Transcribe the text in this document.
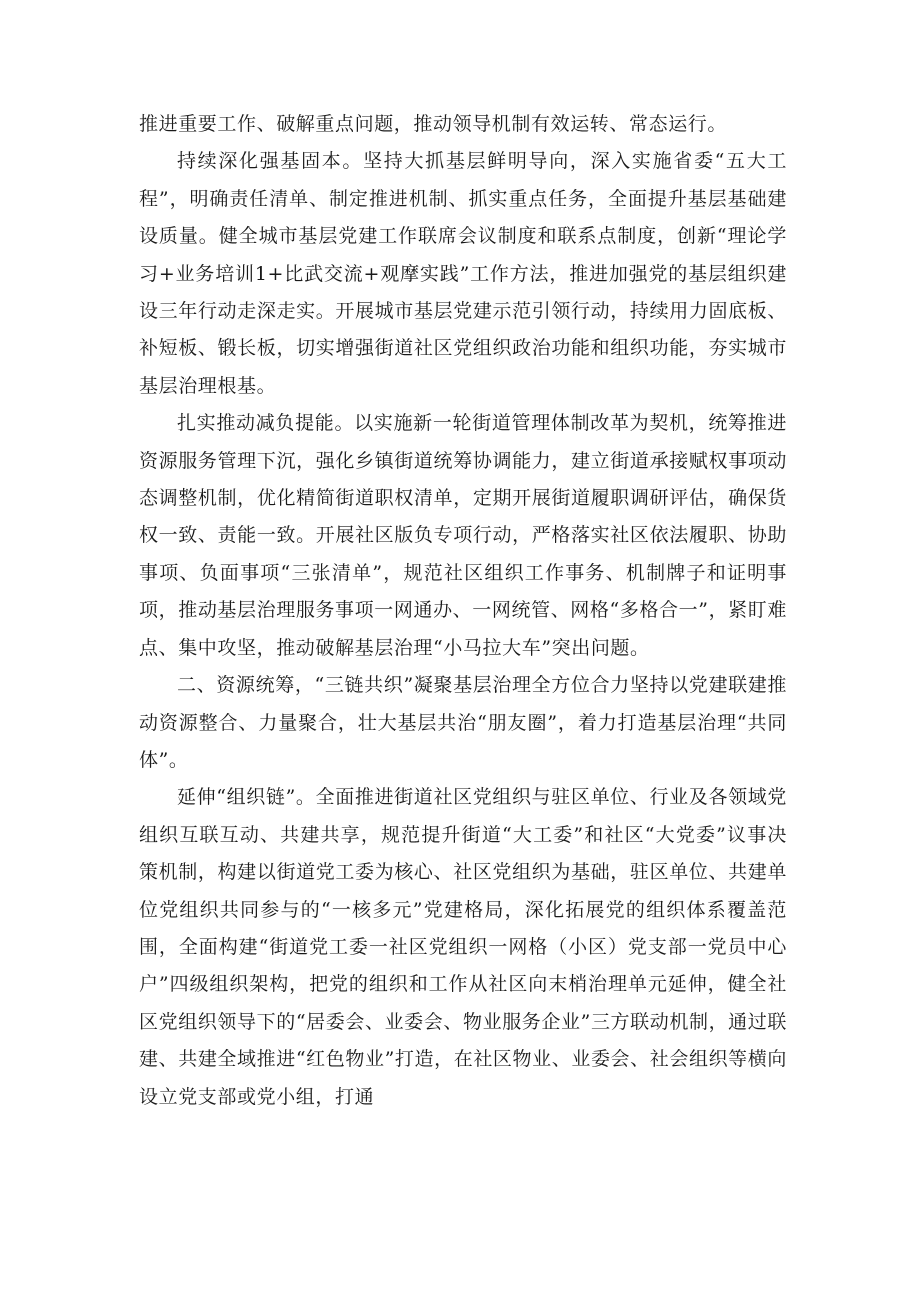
推进重要工作、破解重点问题，推动领导机制有效运转、常态运行。

持续深化强基固本。坚持大抓基层鲜明导向，深入实施省委“五大工程”，明确责任清单、制定推进机制、抓实重点任务，全面提升基层基础建设质量。健全城市基层党建工作联席会议制度和联系点制度，创新“理论学习+业务培训1+比武交流+观摩实践”工作方法，推进加强党的基层组织建设三年行动走深走实。开展城市基层党建示范引领行动，持续用力固底板、补短板、锻长板，切实增强街道社区党组织政治功能和组织功能，夯实城市基层治理根基。

扎实推动减负提能。以实施新一轮街道管理体制改革为契机，统筹推进资源服务管理下沉，强化乡镇街道统筹协调能力，建立街道承接赋权事项动态调整机制，优化精简街道职权清单，定期开展街道履职调研评估，确保货权一致、责能一致。开展社区版负专项行动，严格落实社区依法履职、协助事项、负面事项“三张清单”，规范社区组织工作事务、机制牌子和证明事项，推动基层治理服务事项一网通办、一网统管、网格“多格合一”，紧盯难点、集中攻坚，推动破解基层治理“小马拉大车”突出问题。

二、资源统筹，“三链共织”凝聚基层治理全方位合力坚持以党建联建推动资源整合、力量聚合，壮大基层共治“朋友圈”，着力打造基层治理“共同体”。

延伸“组织链”。全面推进街道社区党组织与驻区单位、行业及各领域党组织互联互动、共建共享，规范提升街道“大工委”和社区“大党委”议事决策机制，构建以街道党工委为核心、社区党组织为基础，驻区单位、共建单位党组织共同参与的“一核多元”党建格局，深化拓展党的组织体系覆盖范围，全面构建“街道党工委一社区党组织一网格（小区）党支部一党员中心户”四级组织架构，把党的组织和工作从社区向末梢治理单元延伸，健全社区党组织领导下的“居委会、业委会、物业服务企业”三方联动机制，通过联建、共建全域推进“红色物业”打造，在社区物业、业委会、社会组织等横向设立党支部或党小组，打通
